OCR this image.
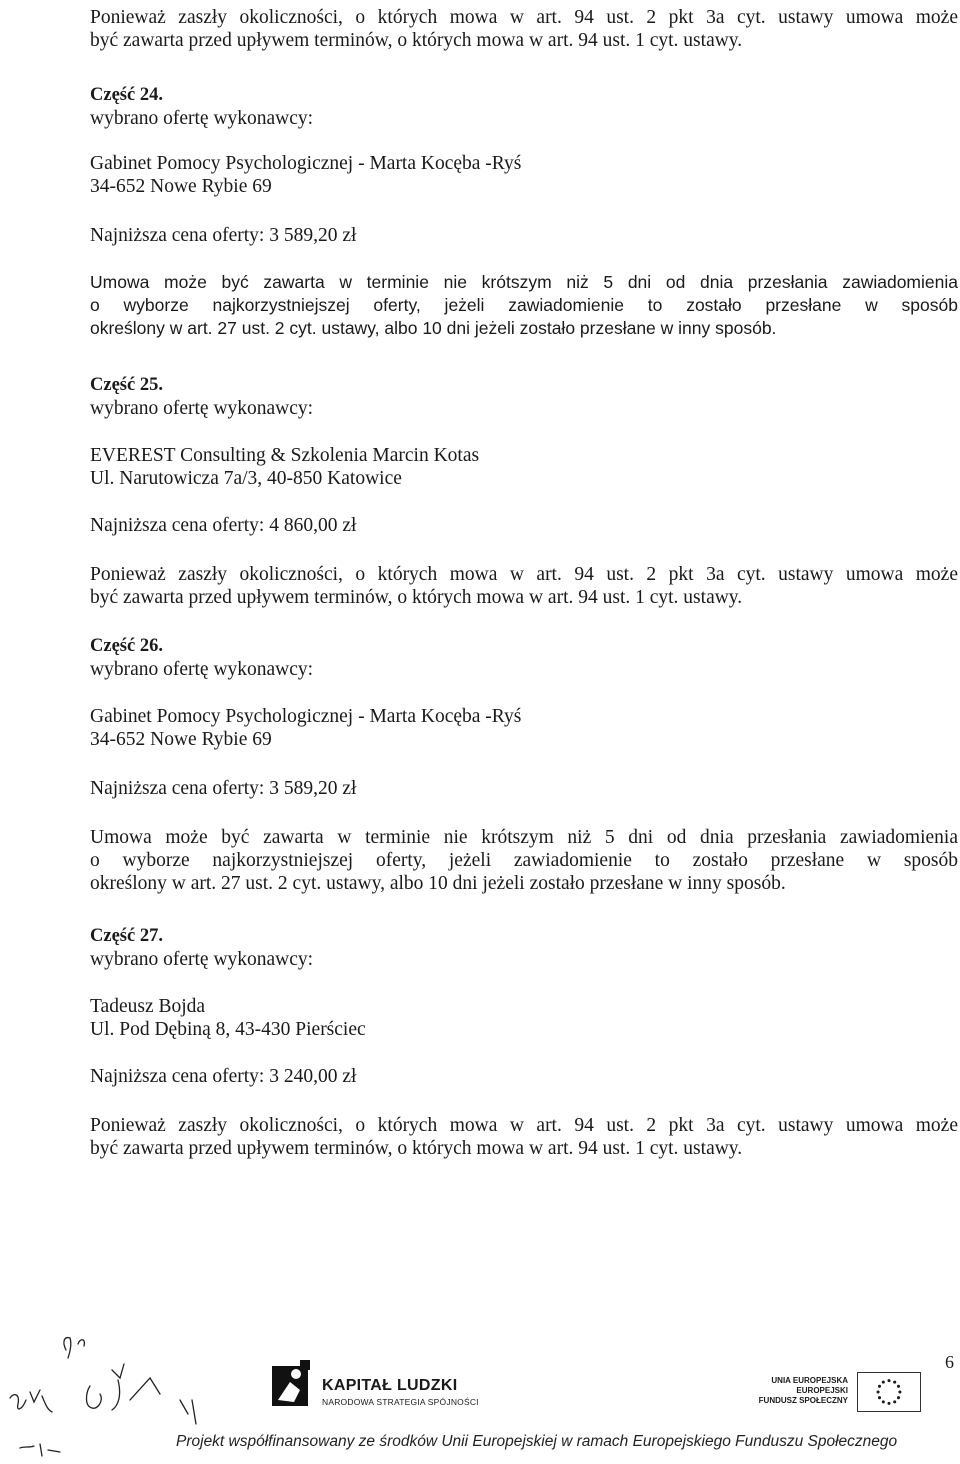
Ponieważ zaszły okoliczności, o których mowa w art. 94 ust. 2 pkt 3a cyt. ustawy umowa może
być zawarta przed upływem terminów, o których mowa w art. 94 ust. 1 cyt. ustawy.
Część 24.
wybrano ofertę wykonawcy:
Gabinet Pomocy Psychologicznej - Marta Kocęba -Ryś
34-652 Nowe Rybie 69
Najniższa cena oferty: 3 589,20 zł
Umowa może być zawarta w terminie nie krótszym niż 5 dni od dnia przesłania zawiadomienia
o wyborze najkorzystniejszej oferty, jeżeli zawiadomienie to zostało przesłane w sposób
określony w art. 27 ust. 2 cyt. ustawy, albo 10 dni jeżeli zostało przesłane w inny sposób.
Część 25.
wybrano ofertę wykonawcy:
EVEREST Consulting & Szkolenia Marcin Kotas
Ul. Narutowicza 7a/3, 40-850 Katowice
Najniższa cena oferty: 4 860,00 zł
Ponieważ zaszły okoliczności, o których mowa w art. 94 ust. 2 pkt 3a cyt. ustawy umowa może
być zawarta przed upływem terminów, o których mowa w art. 94 ust. 1 cyt. ustawy.
Część 26.
wybrano ofertę wykonawcy:
Gabinet Pomocy Psychologicznej - Marta Kocęba -Ryś
34-652 Nowe Rybie 69
Najniższa cena oferty: 3 589,20 zł
Umowa może być zawarta w terminie nie krótszym niż 5 dni od dnia przesłania zawiadomienia
o wyborze najkorzystniejszej oferty, jeżeli zawiadomienie to zostało przesłane w sposób
określony w art. 27 ust. 2 cyt. ustawy, albo 10 dni jeżeli zostało przesłane w inny sposób.
Część 27.
wybrano ofertę wykonawcy:
Tadeusz Bojda
Ul. Pod Dębiną 8, 43-430 Pierściec
Najniższa cena oferty: 3 240,00 zł
Ponieważ zaszły okoliczności, o których mowa w art. 94 ust. 2 pkt 3a cyt. ustawy umowa może
być zawarta przed upływem terminów, o których mowa w art. 94 ust. 1 cyt. ustawy.
6
KAPITAŁ LUDZKI
NARODOWA STRATEGIA SPÓJNOŚCI
UNIA EUROPEJSKA
EUROPEJSKI
FUNDUSZ SPOŁECZNY
Projekt współfinansowany ze środków Unii Europejskiej w ramach Europejskiego Funduszu Społecznego
